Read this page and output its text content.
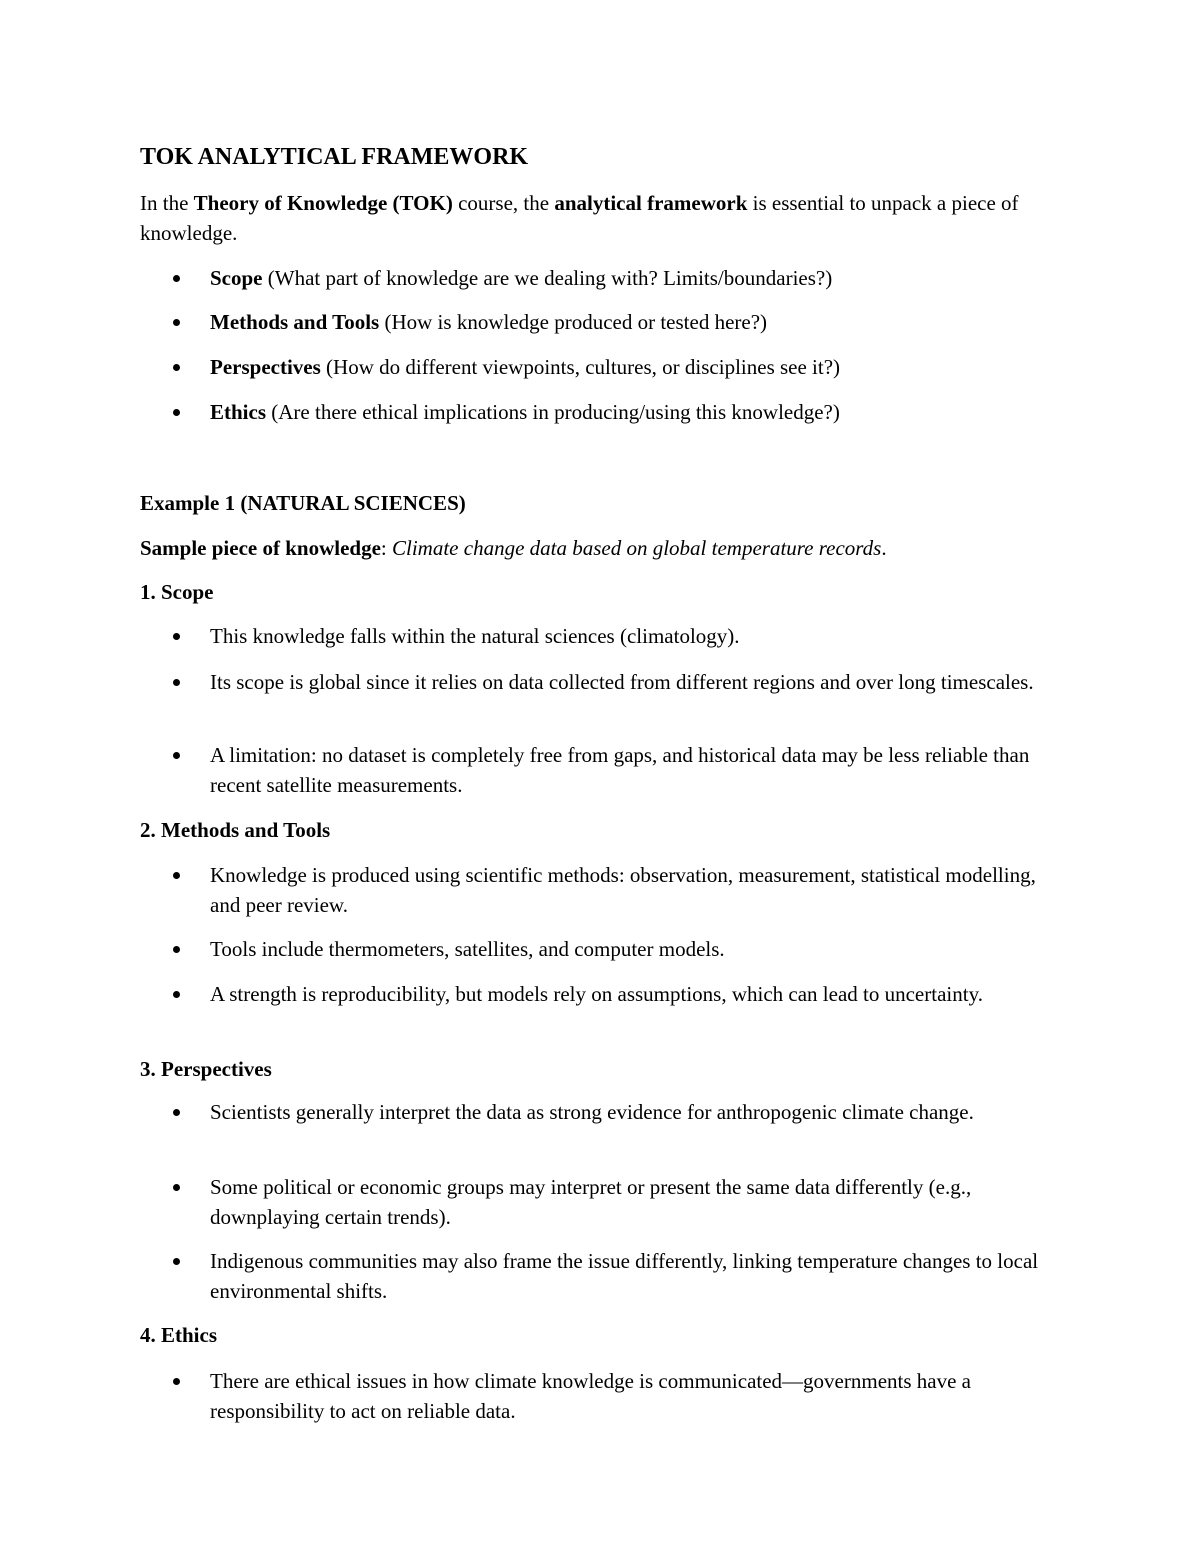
TOK ANALYTICAL FRAMEWORK
In the Theory of Knowledge (TOK) course, the analytical framework is essential to unpack a piece of knowledge.
Scope (What part of knowledge are we dealing with? Limits/boundaries?)
Methods and Tools (How is knowledge produced or tested here?)
Perspectives (How do different viewpoints, cultures, or disciplines see it?)
Ethics (Are there ethical implications in producing/using this knowledge?)
Example 1 (NATURAL SCIENCES)
Sample piece of knowledge: Climate change data based on global temperature records.
1. Scope
This knowledge falls within the natural sciences (climatology).
Its scope is global since it relies on data collected from different regions and over long timescales.
A limitation: no dataset is completely free from gaps, and historical data may be less reliable than recent satellite measurements.
2. Methods and Tools
Knowledge is produced using scientific methods: observation, measurement, statistical modelling, and peer review.
Tools include thermometers, satellites, and computer models.
A strength is reproducibility, but models rely on assumptions, which can lead to uncertainty.
3. Perspectives
Scientists generally interpret the data as strong evidence for anthropogenic climate change.
Some political or economic groups may interpret or present the same data differently (e.g., downplaying certain trends).
Indigenous communities may also frame the issue differently, linking temperature changes to local environmental shifts.
4. Ethics
There are ethical issues in how climate knowledge is communicated—governments have a responsibility to act on reliable data.
